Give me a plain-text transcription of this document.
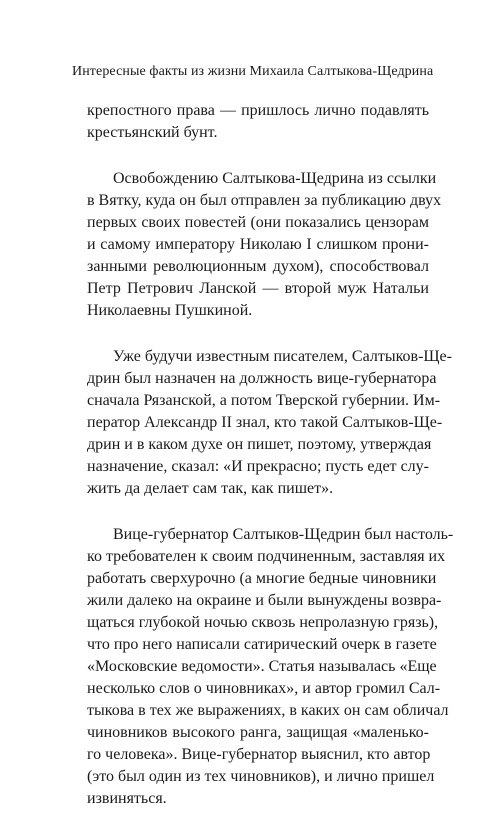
Интересные факты из жизни Михаила Салтыкова-Щедрина

крепостного права — пришлось лично подавлять
крестьянский бунт.
Освобождению Салтыкова-Щедрина из ссылки
в Вятку, куда он был отправлен за публикацию двух
первых своих повестей (они показались цензорам
и самому императору Николаю I слишком прони-
занными революционным духом), способствовал
Петр Петрович Ланской — второй муж Натальи
Николаевны Пушкиной.
Уже будучи известным писателем, Салтыков-Ще-
дрин был назначен на должность вице-губернатора
сначала Рязанской, а потом Тверской губернии. Им-
ператор Александр II знал, кто такой Салтыков-Ще-
дрин и в каком духе он пишет, поэтому, утверждая
назначение, сказал: «И прекрасно; пусть едет слу-
жить да делает сам так, как пишет».
Вице-губернатор Салтыков-Щедрин был настоль-
ко требователен к своим подчиненным, заставляя их
работать сверхурочно (а многие бедные чиновники
жили далеко на окраине и были вынуждены возвра-
щаться глубокой ночью сквозь непролазную грязь),
что про него написали сатирический очерк в газете
«Московские ведомости». Статья называлась «Еще
несколько слов о чиновниках», и автор громил Сал-
тыкова в тех же выражениях, в каких он сам обличал
чиновников высокого ранга, защищая «маленько-
го человека». Вице-губернатор выяснил, кто автор
(это был один из тех чиновников), и лично пришел
извиняться.
